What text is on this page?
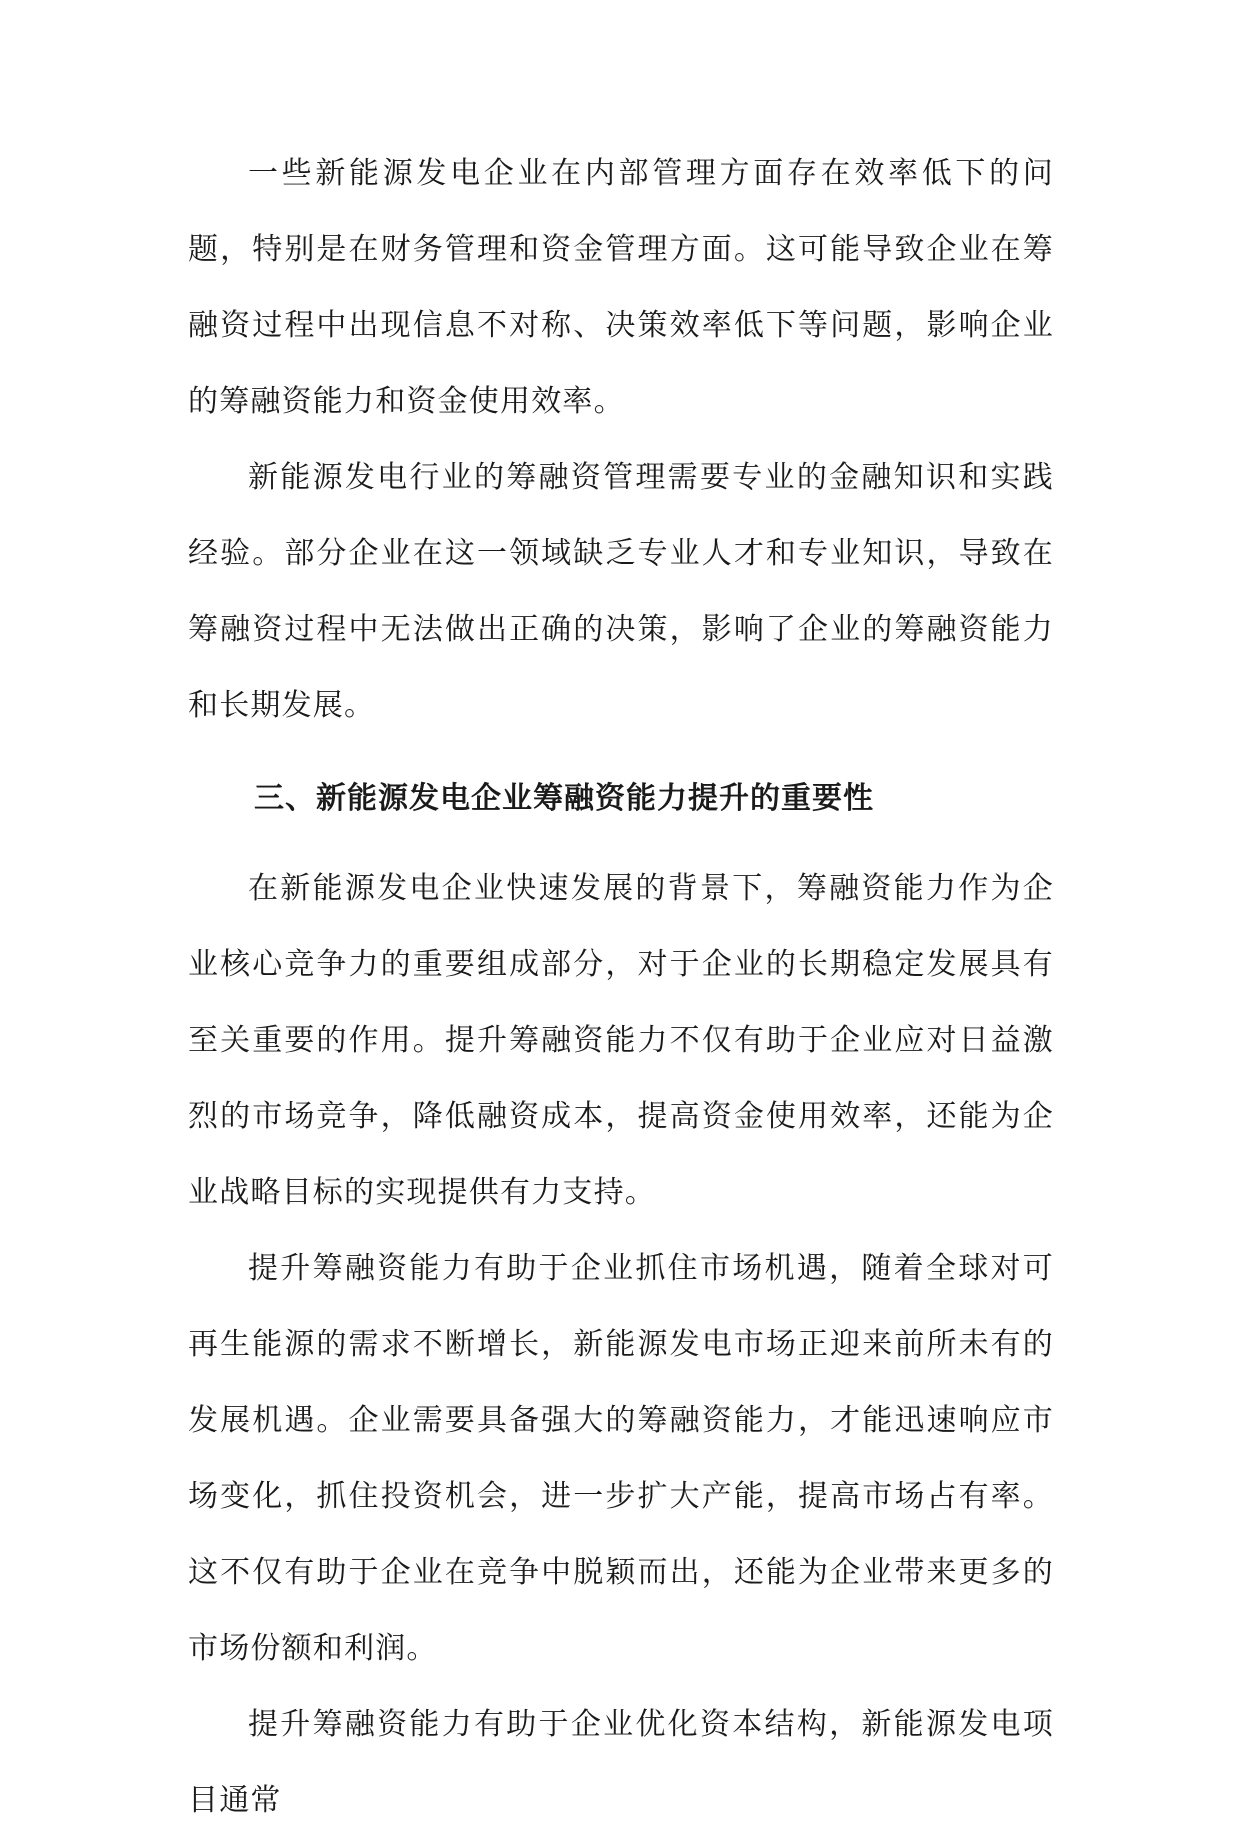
一些新能源发电企业在内部管理方面存在效率低下的问题，特别是在财务管理和资金管理方面。这可能导致企业在筹融资过程中出现信息不对称、决策效率低下等问题，影响企业的筹融资能力和资金使用效率。

新能源发电行业的筹融资管理需要专业的金融知识和实践经验。部分企业在这一领域缺乏专业人才和专业知识，导致在筹融资过程中无法做出正确的决策，影响了企业的筹融资能力和长期发展。

三、新能源发电企业筹融资能力提升的重要性

在新能源发电企业快速发展的背景下，筹融资能力作为企业核心竞争力的重要组成部分，对于企业的长期稳定发展具有至关重要的作用。提升筹融资能力不仅有助于企业应对日益激烈的市场竞争，降低融资成本，提高资金使用效率，还能为企业战略目标的实现提供有力支持。

提升筹融资能力有助于企业抓住市场机遇，随着全球对可再生能源的需求不断增长，新能源发电市场正迎来前所未有的发展机遇。企业需要具备强大的筹融资能力，才能迅速响应市场变化，抓住投资机会，进一步扩大产能，提高市场占有率。这不仅有助于企业在竞争中脱颖而出，还能为企业带来更多的市场份额和利润。

提升筹融资能力有助于企业优化资本结构，新能源发电项目通常
